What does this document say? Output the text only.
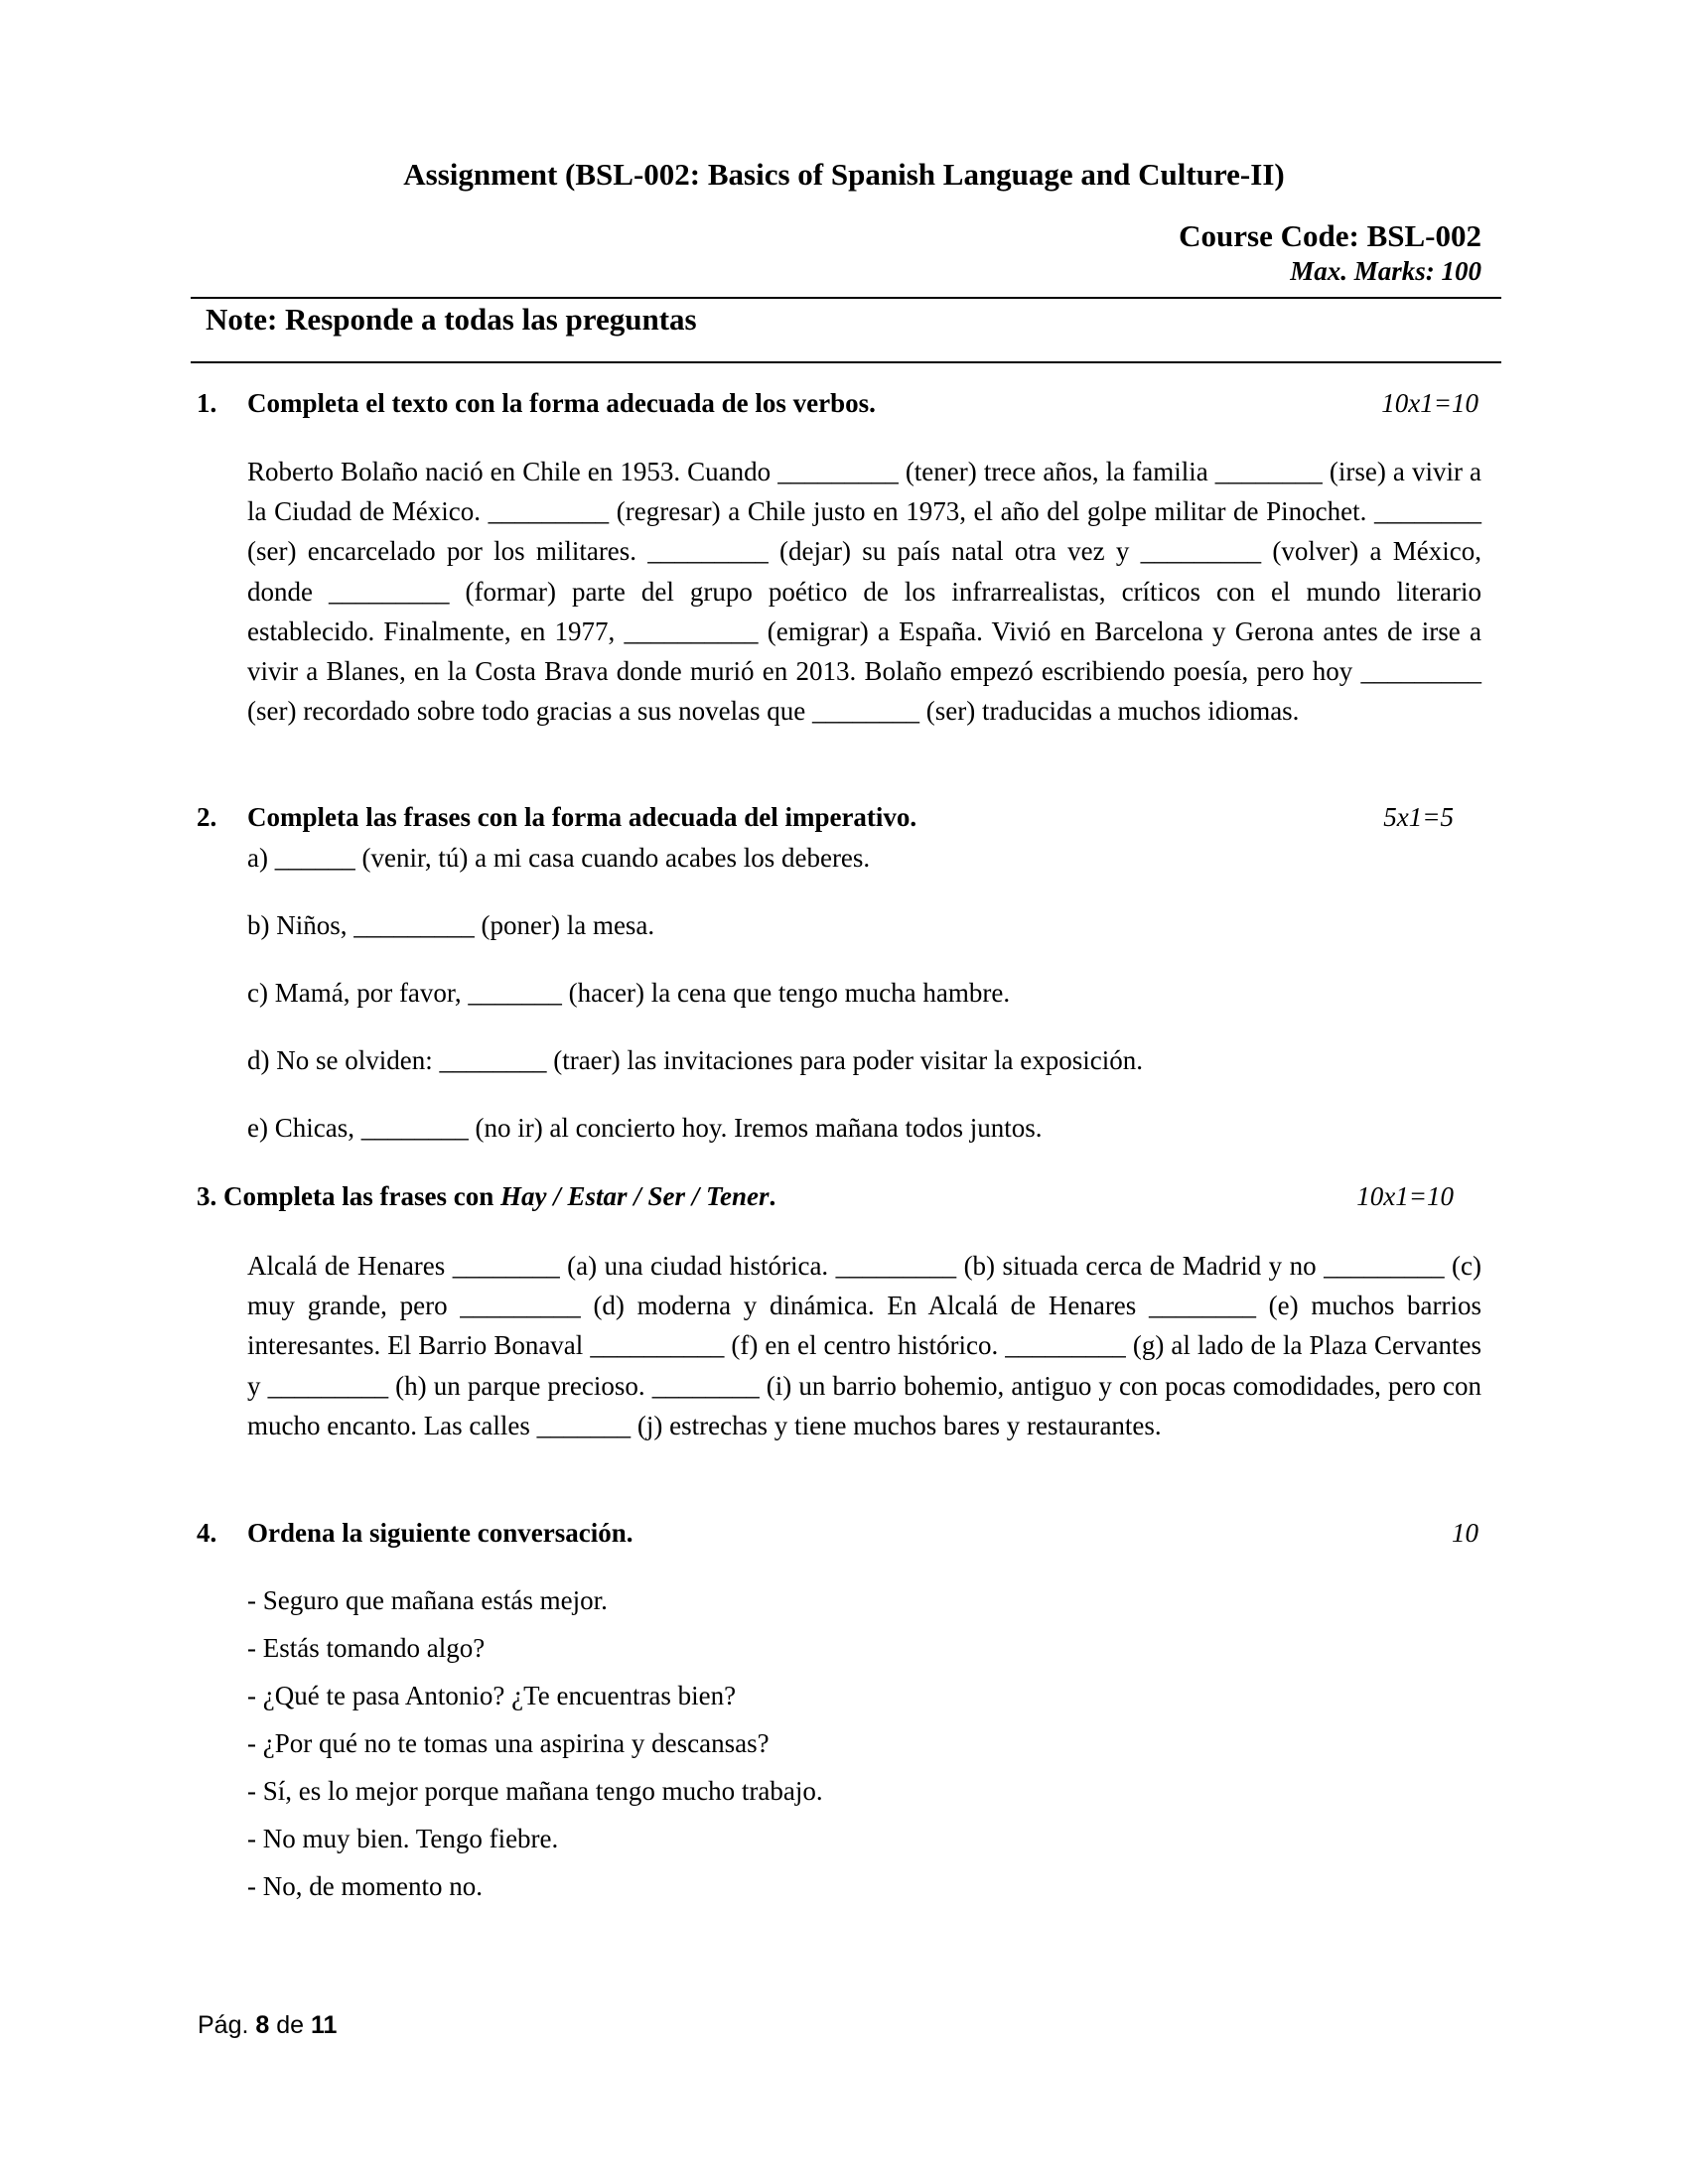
Assignment (BSL-002: Basics of Spanish Language and Culture-II)
Course Code: BSL-002
Max. Marks: 100
Note: Responde a todas las preguntas
1. Completa el texto con la forma adecuada de los verbos.	10x1=10
Roberto Bolaño nació en Chile en 1953. Cuando _________ (tener) trece años, la familia ________ (irse) a vivir a la Ciudad de México. _________ (regresar) a Chile justo en 1973, el año del golpe militar de Pinochet. ________ (ser) encarcelado por los militares. _________ (dejar) su país natal otra vez y _________ (volver) a México, donde _________ (formar) parte del grupo poético de los infrarrealistas, críticos con el mundo literario establecido. Finalmente, en 1977, __________ (emigrar) a España. Vivió en Barcelona y Gerona antes de irse a vivir a Blanes, en la Costa Brava donde murió en 2013. Bolaño empezó escribiendo poesía, pero hoy _________ (ser) recordado sobre todo gracias a sus novelas que ________ (ser) traducidas a muchos idiomas.
2. Completa las frases con la forma adecuada del imperativo.	5x1=5
a) ______ (venir, tú) a mi casa cuando acabes los deberes.
b) Niños, _________ (poner) la mesa.
c) Mamá, por favor, _______ (hacer) la cena que tengo mucha hambre.
d) No se olviden: ________ (traer) las invitaciones para poder visitar la exposición.
e) Chicas, ________ (no ir) al concierto hoy. Iremos mañana todos juntos.
3. Completa las frases con Hay / Estar / Ser / Tener.	10x1=10
Alcalá de Henares ________ (a) una ciudad histórica. _________ (b) situada cerca de Madrid y no _________ (c) muy grande, pero _________ (d) moderna y dinámica. En Alcalá de Henares ________ (e) muchos barrios interesantes. El Barrio Bonaval __________ (f) en el centro histórico. _________ (g) al lado de la Plaza Cervantes y _________ (h) un parque precioso. ________ (i) un barrio bohemio, antiguo y con pocas comodidades, pero con mucho encanto. Las calles _______ (j) estrechas y tiene muchos bares y restaurantes.
4. Ordena la siguiente conversación.	10
- Seguro que mañana estás mejor.
- Estás tomando algo?
- ¿Qué te pasa Antonio? ¿Te encuentras bien?
- ¿Por qué no te tomas una aspirina y descansas?
- Sí, es lo mejor porque mañana tengo mucho trabajo.
- No muy bien. Tengo fiebre.
- No, de momento no.
Pág. 8 de 11
